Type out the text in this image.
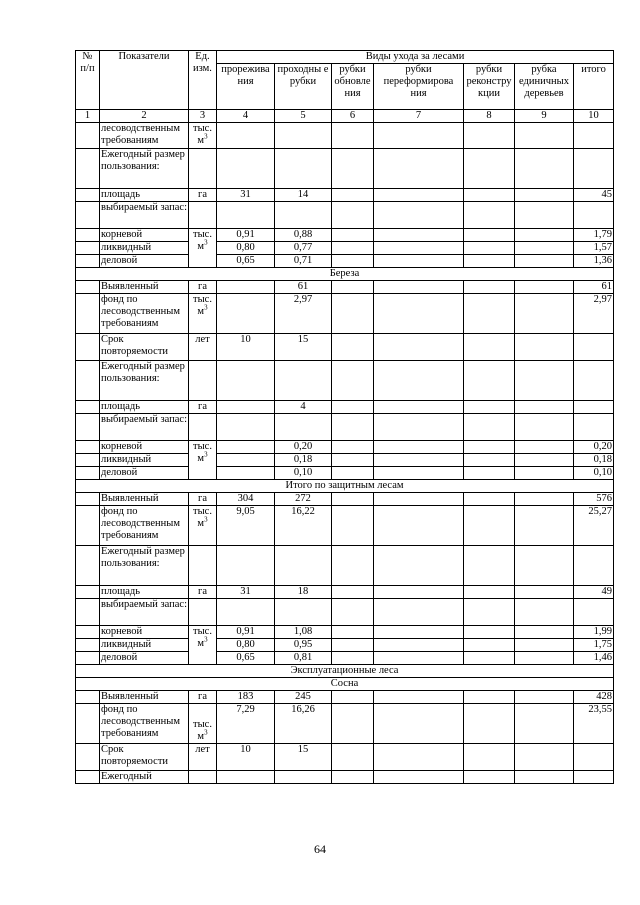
№ п/п	Показатели	Ед. изм.	Виды ухода за лесами						
			прорежива ния	проходны е рубки	рубки обновле ния	рубки переформирова ния	рубки реконстру кции	рубка единичных деревьев	итого
1	2	3	4	5	6	7	8	9	10
	лесоводственным требованиям	тыс.
$м^3$							
	Ежегодный размер пользования:								
	площадь	га	31	14					45
	выбираемый запас:								
	корневой	тыс.
$м^3$	0,91	0,88					1,79
	ликвидный		0,80	0,77					1,57
	деловой		0,65	0,71					1,36
Береза									
	Выявленный	га		61					61
	фонд по лесоводственным требованиям	тыс.
$м^3$		2,97					2,97
	Срок повторяемости	лет	10	15					
	Ежегодный размер пользования:								
	площадь	га		4					
	выбираемый запас:								
	корневой	тыс.
$м^3$		0,20					0,20
	ликвидный			0,18					0,18
	деловой			0,10					0,10
Итого по защитным лесам									
	Выявленный	га	304	272					576
	фонд по лесоводственным требованиям	тыс.
$м^3$	9,05	16,22					25,27
	Ежегодный размер пользования:								
	площадь	га	31	18					49
	выбираемый запас:								
	корневой	тыс.
$м^3$	0,91	1,08					1,99
	ликвидный		0,80	0,95					1,75
	деловой		0,65	0,81					1,46
Эксплуатационные леса									
Сосна									
	Выявленный	га	183	245					428
	фонд по лесоводственным требованиям	тыс.
$м^3$	7,29	16,26					23,55
	Срок повторяемости	лет	10	15					
	Ежегодный								
64
